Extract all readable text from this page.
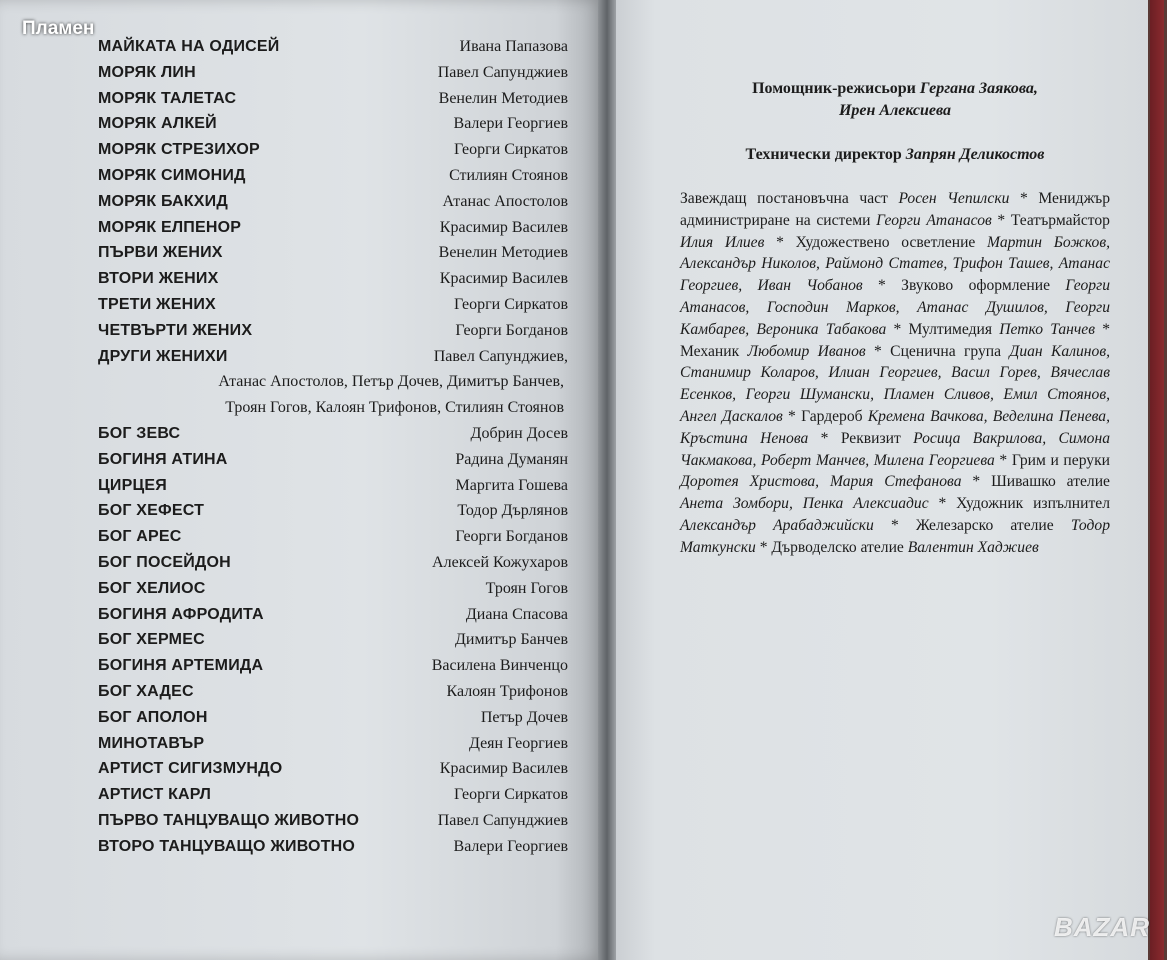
МАЙКАТА НА ОДИСЕЙ	Ивана Папазова
МОРЯК ЛИН	Павел Сапунджиев
МОРЯК ТАЛЕТАС	Венелин Методиев
МОРЯК АЛКЕЙ	Валери Георгиев
МОРЯК СТРЕЗИХОР	Георги Сиркатов
МОРЯК СИМОНИД	Стилиян Стоянов
МОРЯК БАКХИД	Атанас Апостолов
МОРЯК ЕЛПЕНОР	Красимир Василев
ПЪРВИ ЖЕНИХ	Венелин Методиев
ВТОРИ ЖЕНИХ	Красимир Василев
ТРЕТИ ЖЕНИХ	Георги Сиркатов
ЧЕТВЪРТИ ЖЕНИХ	Георги Богданов
ДРУГИ ЖЕНИХИ	Павел Сапунджиев,
Атанас Апостолов, Петър Дочев, Димитър Банчев,
Троян Гогов, Калоян Трифонов, Стилиян Стоянов
БОГ ЗЕВС	Добрин Досев
БОГИНЯ АТИНА	Радина Думанян
ЦИРЦЕЯ	Маргита Гошева
БОГ ХЕФЕСТ	Тодор Дърлянов
БОГ АРЕС	Георги Богданов
БОГ ПОСЕЙДОН	Алексей Кожухаров
БОГ ХЕЛИОС	Троян Гогов
БОГИНЯ АФРОДИТА	Диана Спасова
БОГ ХЕРМЕС	Димитър Банчев
БОГИНЯ АРТЕМИДА	Василена Винченцо
БОГ ХАДЕС	Калоян Трифонов
БОГ АПОЛОН	Петър Дочев
МИНОТАВЪР	Деян Георгиев
АРТИСТ СИГИЗМУНДО	Красимир Василев
АРТИСТ КАРЛ	Георги Сиркатов
ПЪРВО ТАНЦУВАЩО ЖИВОТНО	Павел Сапунджиев
ВТОРО ТАНЦУВАЩО ЖИВОТНО	Валери Георгиев
Помощник-режисьори Гергана Заякова,
Ирен Алексиева
Технически директор Запрян Деликостов
Завеждащ постановъчна част Росен Чепилски * Мениджър администриране на системи Георги Атанасов * Театърмайстор Илия Илиев * Художествено осветление Мартин Божков, Александър Николов, Раймонд Статев, Трифон Ташев, Атанас Георгиев, Иван Чобанов * Звуково оформление Георги Атанасов, Господин Марков, Атанас Душилов, Георги Камбарев, Вероника Табакова * Мултимедия Петко Танчев * Механик Любомир Иванов * Сценична група Диан Калинов, Станимир Коларов, Илиан Георгиев, Васил Горев, Вячеслав Есенков, Георги Шумански, Пламен Сливов, Емил Стоянов, Ангел Даскалов * Гардероб Кремена Вачкова, Веделина Пенева, Кръстина Ненова * Реквизит Росица Вакрилова, Симона Чакмакова, Роберт Манчев, Милена Георгиева * Грим и перуки Доротея Христова, Мария Стефанова * Шивашко ателие Анета Зомбори, Пенка Алексиадис * Художник изпълнител Александър Арабаджийски * Железарско ателие Тодор Маткунски * Дърводелско ателие Валентин Хаджиев
Пламен
BAZAR
